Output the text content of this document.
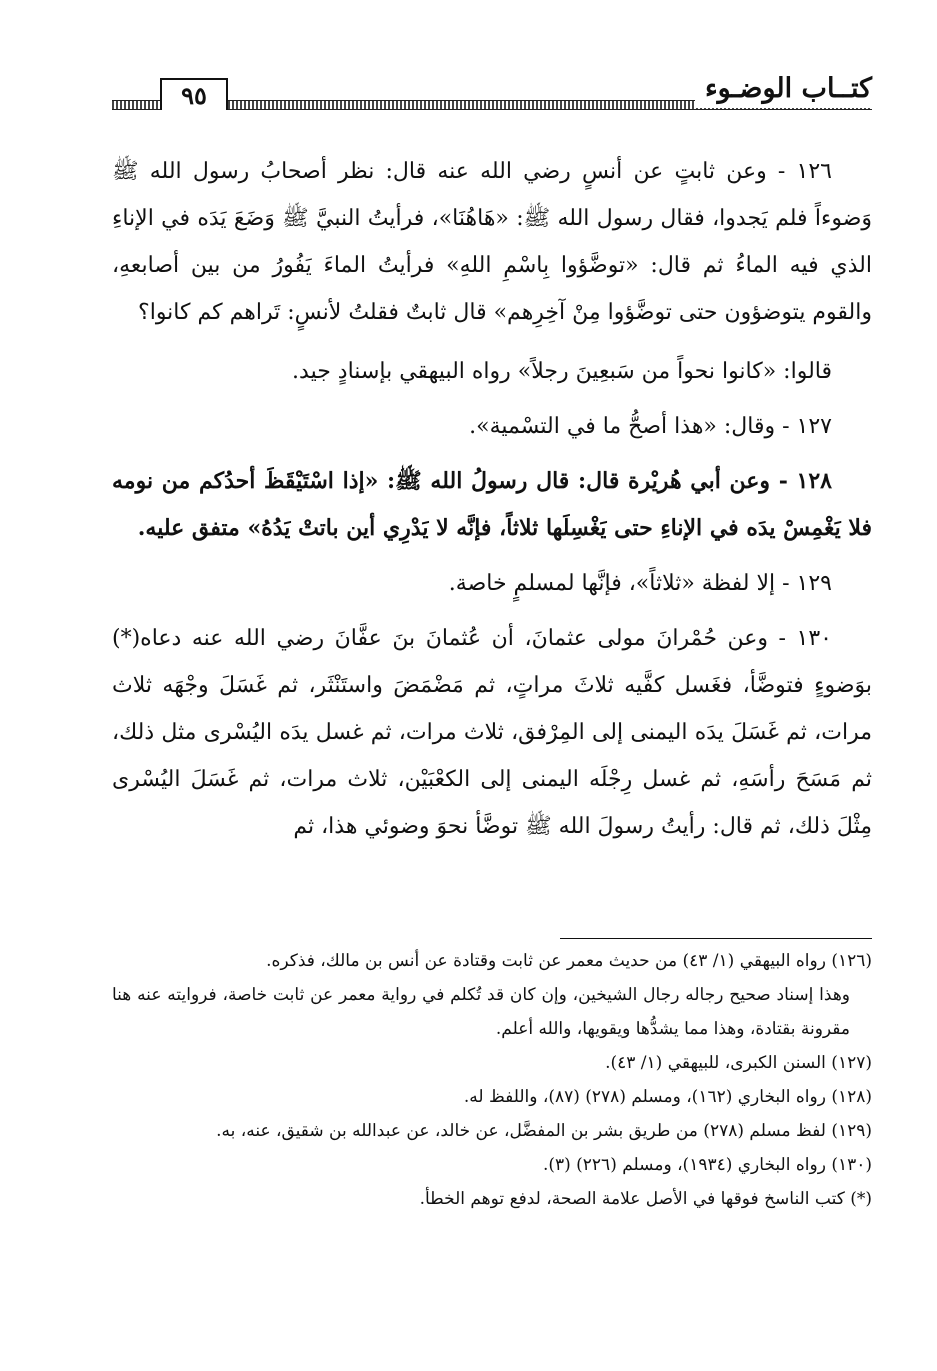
كتــاب الوضـوء
٩٥

١٢٦ - وعن ثابتٍ عن أنسٍ رضي الله عنه قال: نظر أصحابُ رسول الله ﷺ وَضوءاً فلم يَجدوا، فقال رسول الله ﷺ: «هَاهُنَا»، فرأيتُ النبيَّ ﷺ وَضَعَ يَدَه في الإناءِ الذي فيه الماءُ ثم قال: «توضَّؤوا بِاسْمِ اللهِ» فرأيتُ الماءَ يَفُورُ من بين أصابعهِ، والقوم يتوضؤون حتى توضَّؤوا مِنْ آخِرِهم» قال ثابتٌ فقلتُ لأنسٍ: تَراهم كم كانوا؟

قالوا: «كانوا نحواً من سَبعِينَ رجلاً» رواه البيهقي بإسنادٍ جيد.

١٢٧ - وقال: «هذا أصحُّ ما في التسْمية».

١٢٨ - وعن أبي هُريْرة قال: قال رسولُ الله ﷺ: «إذا اسْتَيْقَظَ أحدُكم من نومه فلا يَغْمِسْ يدَه في الإناءِ حتى يَغْسِلَها ثلاثاً، فإنَّه لا يَدْرِي أين باتتْ يَدُهُ» متفق عليه.

١٢٩ - إلا لفظة «ثلاثاً»، فإنَّها لمسلمٍ خاصة.

١٣٠ - وعن حُمْرانَ مولى عثمانَ، أن عُثمانَ بنَ عفَّانَ رضي الله عنه دعاه(*) بوَضوءٍ فتوضَّأ، فغَسل كفَّيه ثلاثَ مراتٍ، ثم مَضْمَضَ واستَنْثَر، ثم غَسَلَ وجْهَه ثلاث مرات، ثم غَسَلَ يدَه اليمنى إلى المِرْفق، ثلاث مرات، ثم غسل يدَه اليُسْرى مثل ذلك، ثم مَسَحَ رأسَهِ، ثم غسل رِجْلَه اليمنى إلى الكعْبَيْن، ثلاث مرات، ثم غَسَلَ اليُسْرى مِثْلَ ذلك، ثم قال: رأيتُ رسولَ الله ﷺ توضَّأ نحوَ وضوئي هذا، ثم

(١٢٦) رواه البيهقي (١/ ٤٣) من حديث معمر عن ثابت وقتادة عن أنس بن مالك، فذكره.

وهذا إسناد صحيح رجاله رجال الشيخين، وإن كان قد تُكلم في رواية معمر عن ثابت خاصة، فروايته عنه هنا مقرونة بقتادة، وهذا مما يشدُّها ويقويها، والله أعلم.

(١٢٧) السنن الكبرى، للبيهقي (١/ ٤٣).

(١٢٨) رواه البخاري (١٦٢)، ومسلم (٢٧٨) (٨٧)، واللفظ له.

(١٢٩) لفظ مسلم (٢٧٨) من طريق بشر بن المفضَّل، عن خالد، عن عبدالله بن شقيق، عنه، به.

(١٣٠) رواه البخاري (١٩٣٤)، ومسلم (٢٢٦) (٣).

(*) كتب الناسخ فوقها في الأصل علامة الصحة، لدفع توهم الخطأ.
